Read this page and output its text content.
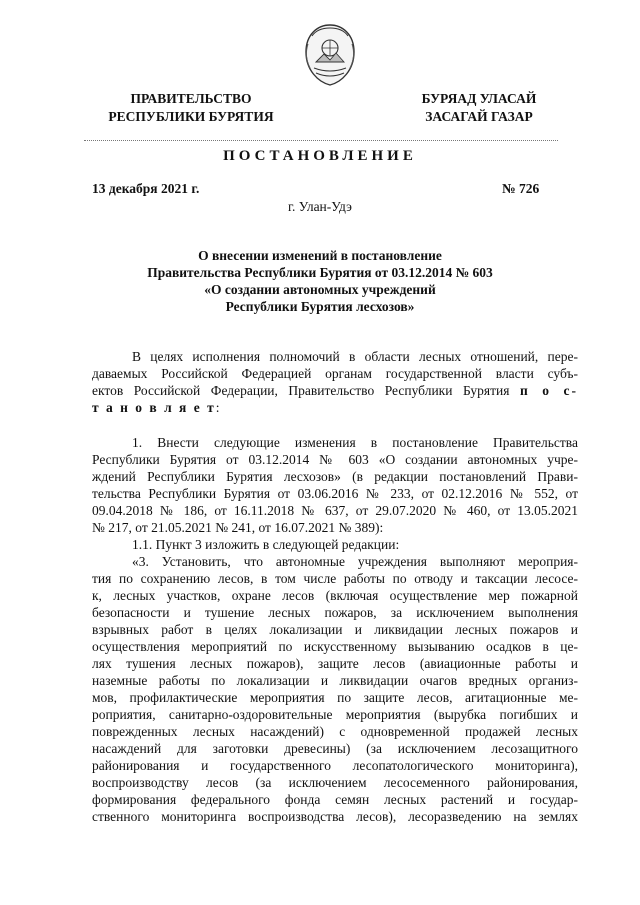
ПРАВИТЕЛЬСТВО
РЕСПУБЛИКИ БУРЯТИЯ
БУРЯАД УЛАСАЙ
ЗАСАГАЙ ГАЗАР
ПОСТАНОВЛЕНИЕ
13 декабря 2021 г.	№ 726
г. Улан-Удэ
О внесении изменений в постановление
Правительства Республики Бурятия от 03.12.2014 № 603
«О создании автономных учреждений
Республики Бурятия лесхозов»
В целях исполнения полномочий в области лесных отношений, пере-
даваемых Российской Федерацией органам государственной власти субъ-
ектов Российской Федерации, Правительство Республики Бурятия п о с-
т а н о в л я е т:
1. Внести следующие изменения в постановление Правительства
Республики Бурятия от 03.12.2014 № 603 «О создании автономных учре-
ждений Республики Бурятия лесхозов» (в редакции постановлений Прави-
тельства Республики Бурятия от 03.06.2016 № 233, от 02.12.2016 № 552, от
09.04.2018 № 186, от 16.11.2018 № 637, от 29.07.2020 № 460, от 13.05.2021
№ 217, от 21.05.2021 № 241, от 16.07.2021 № 389):
1.1. Пункт 3 изложить в следующей редакции:
«3. Установить, что автономные учреждения выполняют мероприя-
тия по сохранению лесов, в том числе работы по отводу и таксации лесосе-
к, лесных участков, охране лесов (включая осуществление мер пожарной
безопасности и тушение лесных пожаров, за исключением выполнения
взрывных работ в целях локализации и ликвидации лесных пожаров и
осуществления мероприятий по искусственному вызыванию осадков в це-
лях тушения лесных пожаров), защите лесов (авиационные работы и
наземные работы по локализации и ликвидации очагов вредных организ-
мов, профилактические мероприятия по защите лесов, агитационные ме-
роприятия, санитарно-оздоровительные мероприятия (вырубка погибших и
поврежденных лесных насаждений) с одновременной продажей лесных
насаждений для заготовки древесины) (за исключением лесозащитного
районирования и государственного лесопатологического мониторинга),
воспроизводству лесов (за исключением лесосеменного районирования,
формирования федерального фонда семян лесных растений и государ-
ственного мониторинга воспроизводства лесов), лесоразведению на землях
